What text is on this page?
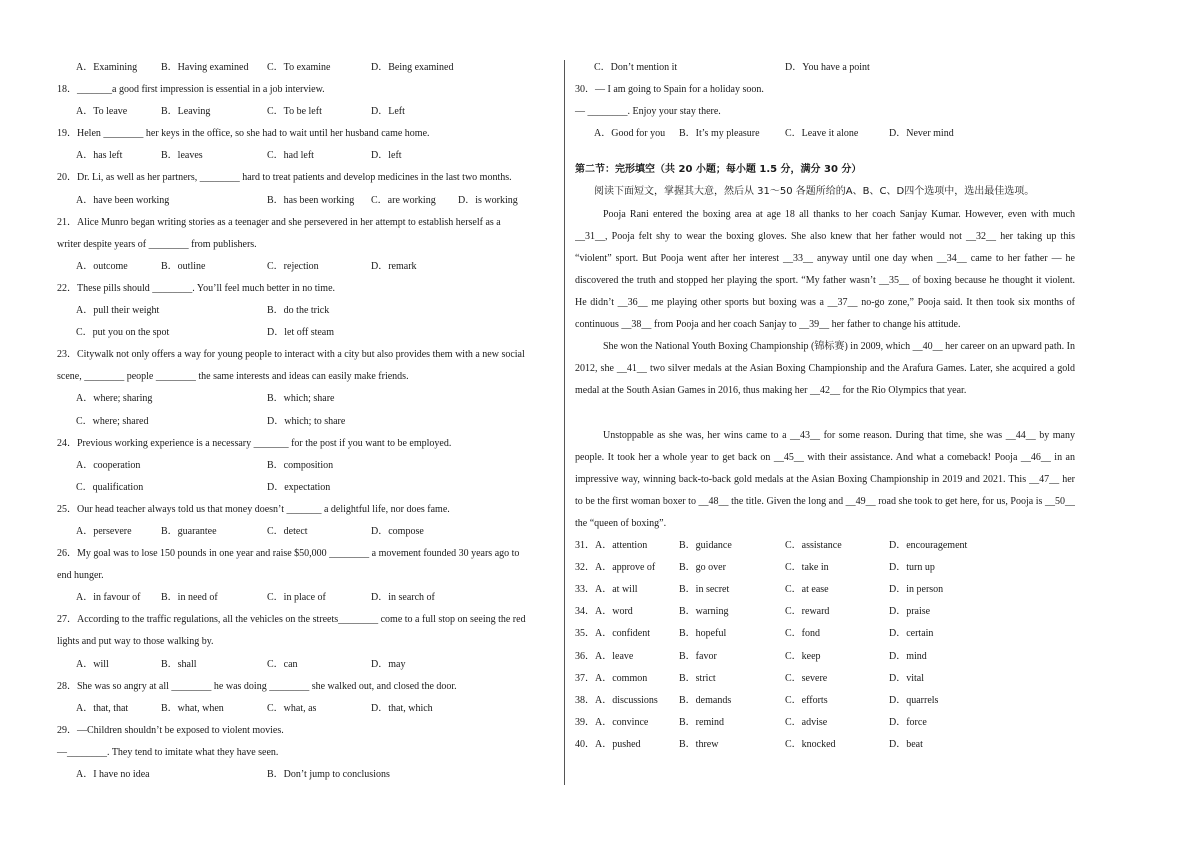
A．Examining B．Having examined C．To examine	D．Being examined
18．_______a good first impression is essential in a job interview.
A．To leave	B．Leaving	C．To be left	D．Left
19．Helen ________ her keys in the office, so she had to wait until her husband came home.
A．has left	B．leaves	C．had left	D．left
20．Dr. Li, as well as her partners, ________ hard to treat patients and develop medicines in the last two months.
A．have been working	B．has been working C．are working D．is working
21．Alice Munro began writing stories as a teenager and she persevered in her attempt to establish herself as a
writer despite years of ________ from publishers.
A．outcome	B．outline	C．rejection	D．remark
22．These pills should ________. You’ll feel much better in no time.
A．pull their weight	B．do the trick
C．put you on the spot	D．let off steam
23．Citywalk not only offers a way for young people to interact with a city but also provides them with a new social
scene, ________ people ________ the same interests and ideas can easily make friends.
A．where; sharing	B．which; share
C．where; shared	D．which; to share
24．Previous working experience is a necessary _______ for the post if you want to be employed.
A．cooperation	B．composition
C．qualification	D．expectation
25．Our head teacher always told us that money doesn’t _______ a delightful life, nor does fame.
A．persevere	B．guarantee	C．detect	D．compose
26．My goal was to lose 150 pounds in one year and raise $50,000 ________ a movement founded 30 years ago to
end hunger.
A．in favour of B．in need of	C．in place of	D．in search of
27．According to the traffic regulations, all the vehicles on the streets________ come to a full stop on seeing the red
lights and put way to those walking by.
A．will	B．shall	C．can	D．may
28．She was so angry at all ________ he was doing ________ she walked out, and closed the door.
A．that, that	B．what, when	C．what, as	D．that, which
29．—Children shouldn’t be exposed to violent movies.
—________. They tend to imitate what they have seen.
A．I have no idea	B．Don’t jump to conclusions
C．Don’t mention it	D．You have a point
30．— I am going to Spain for a holiday soon.
— ________. Enjoy your stay there.
A．Good for you B．It’s my pleasure	C．Leave it alone	D．Never mind
第二节：完形填空（共 20 小题；每小题 1.5 分，满分 30 分）
阅读下面短文，掌握其大意，然后从 31～50 各题所给的A、B、C、D四个选项中，选出最佳选项。
Pooja Rani entered the boxing area at age 18 all thanks to her coach Sanjay Kumar. However, even with much __31__, Pooja felt shy to wear the boxing gloves. She also knew that her father would not __32__ her taking up this “violent” sport. But Pooja went after her interest __33__ anyway until one day when __34__ came to her father — he discovered the truth and stopped her playing the sport. “My father wasn’t __35__ of boxing because he thought it violent. He didn’t __36__ me playing other sports but boxing was a __37__ no-go zone,” Pooja said. It then took six months of continuous __38__ from Pooja and her coach Sanjay to __39__ her father to change his attitude.
She won the National Youth Boxing Championship (锦标赛) in 2009, which __40__ her career on an upward path. In 2012, she __41__ two silver medals at the Asian Boxing Championship and the Arafura Games. Later, she acquired a gold medal at the South Asian Games in 2016, thus making her __42__ for the Rio Olympics that year.
Unstoppable as she was, her wins came to a __43__ for some reason. During that time, she was __44__ by many people. It took her a whole year to get back on __45__ with their assistance. And what a comeback! Pooja __46__ in an impressive way, winning back-to-back gold medals at the Asian Boxing Championship in 2019 and 2021. This __47__ her to be the first woman boxer to __48__ the title. Given the long and __49__ road she took to get here, for us, Pooja is __50__ the “queen of boxing”.
31．A．attention	B．guidance	C．assistance	D．encouragement
32．A．approve of B．go over	C．take in	D．turn up
33．A．at will	B．in secret	C．at ease	D．in person
34．A．word	B．warning	C．reward	D．praise
35．A．confident	B．hopeful	C．fond	D．certain
36．A．leave	B．favor	C．keep	D．mind
37．A．common	B．strict	C．severe	D．vital
38．A．discussions B．demands	C．efforts	D．quarrels
39．A．convince	B．remind	C．advise	D．force
40．A．pushed	B．threw	C．knocked	D．beat
